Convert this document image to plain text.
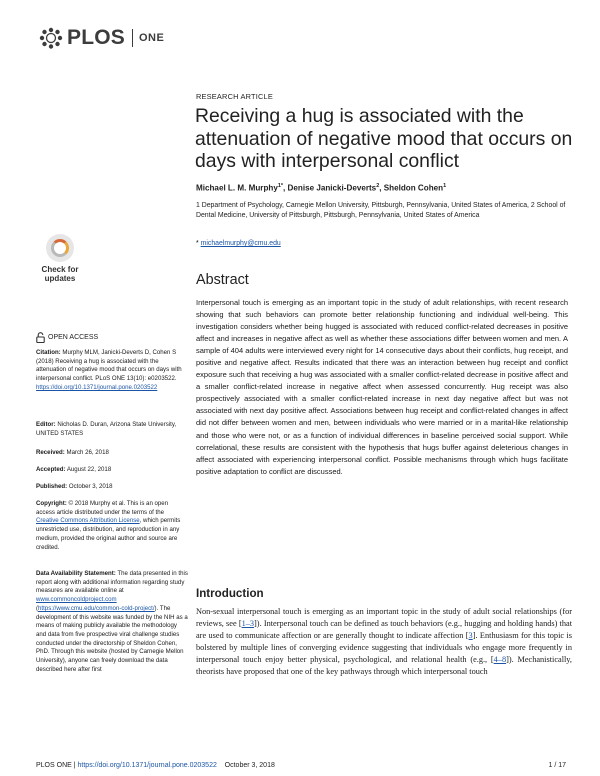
PLOS ONE
Check for updates
OPEN ACCESS
Citation: Murphy MLM, Janicki-Deverts D, Cohen S (2018) Receiving a hug is associated with the attenuation of negative mood that occurs on days with interpersonal conflict. PLoS ONE 13(10): e0203522. https://doi.org/10.1371/journal.pone.0203522
Editor: Nicholas D. Duran, Arizona State University, UNITED STATES
Received: March 26, 2018
Accepted: August 22, 2018
Published: October 3, 2018
Copyright: © 2018 Murphy et al. This is an open access article distributed under the terms of the Creative Commons Attribution License, which permits unrestricted use, distribution, and reproduction in any medium, provided the original author and source are credited.
Data Availability Statement: The data presented in this report along with additional information regarding study measures are available online at www.commoncoldproject.com (https://www.cmu.edu/common-cold-project/). The development of this website was funded by the NIH as a means of making publicly available the methodology and data from five prospective viral challenge studies conducted under the directorship of Sheldon Cohen, PhD. Through this website (hosted by Carnegie Mellon University), anyone can freely download the data described here after first
RESEARCH ARTICLE
Receiving a hug is associated with the attenuation of negative mood that occurs on days with interpersonal conflict
Michael L. M. Murphy$^{1*}$, Denise Janicki-Deverts$^2$, Sheldon Cohen$^1$
1 Department of Psychology, Carnegie Mellon University, Pittsburgh, Pennsylvania, United States of America, 2 School of Dental Medicine, University of Pittsburgh, Pittsburgh, Pennsylvania, United States of America
* michaelmurphy@cmu.edu
Abstract

Interpersonal touch is emerging as an important topic in the study of adult relationships, with recent research showing that such behaviors can promote better relationship functioning and individual well-being. This investigation considers whether being hugged is associated with reduced conflict-related decreases in positive affect and increases in negative affect as well as whether these associations differ between women and men. A sample of 404 adults were interviewed every night for 14 consecutive days about their conflicts, hug receipt, and positive and negative affect. Results indicated that there was an interaction between hug receipt and conflict exposure such that receiving a hug was associated with a smaller conflict-related decrease in positive affect and a smaller conflict-related increase in negative affect when assessed concurrently. Hug receipt was also prospectively associated with a smaller conflict-related increase in next day negative affect but was not associated with next day positive affect. Associations between hug receipt and conflict-related changes in affect did not differ between women and men, between individuals who were married or in a marital-like relationship and those who were not, or as a function of individual differences in baseline perceived social support. While correlational, these results are consistent with the hypothesis that hugs buffer against deleterious changes in affect associated with experiencing interpersonal conflict. Possible mechanisms through which hugs facilitate positive adaptation to conflict are discussed.

Introduction

Non-sexual interpersonal touch is emerging as an important topic in the study of adult social relationships (for reviews, see [1–3]). Interpersonal touch can be defined as touch behaviors (e.g., hugging and holding hands) that are used to communicate affection or are generally thought to indicate affection [3]. Enthusiasm for this topic is bolstered by multiple lines of converging evidence suggesting that individuals who engage more frequently in interpersonal touch enjoy better physical, psychological, and relational health (e.g., [4–8]). Mechanistically, theorists have proposed that one of the key pathways through which interpersonal touch

PLOS ONE | https://doi.org/10.1371/journal.pone.0203522 October 3, 2018	1 / 17
